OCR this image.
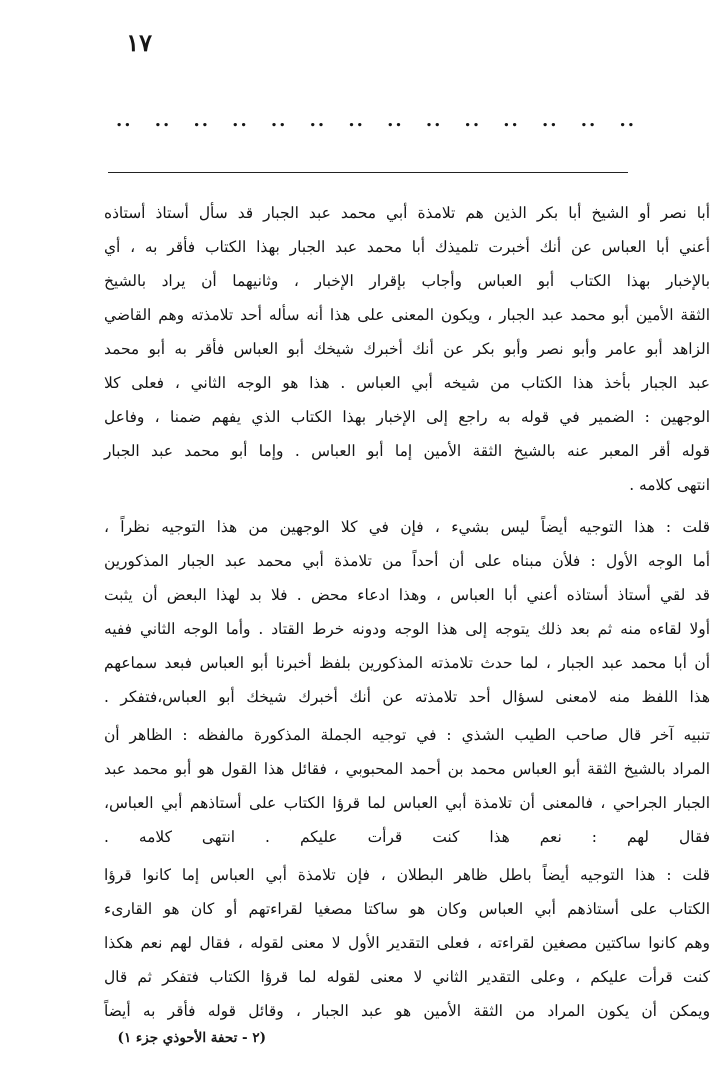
١٧
.. .. .. .. .. .. .. .. .. .. .. .. .. ..
أبا نصر أو الشيخ أبا بكر الذين هم تلامذة أبي محمد عبد الجبار قد سأل أستاذ أستاذه
أعني أبا العباس عن أنك أخبرت تلميذك أبا محمد عبد الجبار بهذا الكتاب فأقر به ، أي
بالإخبار بهذا الكتاب أبو العباس وأجاب بإقرار الإخبار ، وثانيهما أن يراد بالشيخ
الثقة الأمين أبو محمد عبد الجبار ، ويكون المعنى على هذا أنه سأله أحد تلامذته وهم القاضي
الزاهد أبو عامر وأبو نصر وأبو بكر عن أنك أخبرك شيخك أبو العباس فأقر به أبو محمد
عبد الجبار بأخذ هذا الكتاب من شيخه أبي العباس . هذا هو الوجه الثاني ، فعلى كلا
الوجهين : الضمير في قوله به راجع إلى الإخبار بهذا الكتاب الذي يفهم ضمنا ، وفاعل
قوله أقر المعبر عنه بالشيخ الثقة الأمين إما أبو العباس . وإما أبو محمد عبد الجبار
انتهى كلامه .
قلت : هذا التوجيه أيضاً ليس بشيء ، فإن في كلا الوجهين من هذا التوجيه نظراً ،
أما الوجه الأول : فلأن مبناه على أن أحداً من تلامذة أبي محمد عبد الجبار المذكورين
قد لقي أستاذ أستاذه أعني أبا العباس ، وهذا ادعاء محض . فلا بد لهذا البعض أن يثبت
أولا لقاءه منه ثم بعد ذلك يتوجه إلى هذا الوجه ودونه خرط القتاد . وأما الوجه الثاني ففيه
أن أبا محمد عبد الجبار ، لما حدث تلامذته المذكورين بلفظ أخبرنا أبو العباس فبعد سماعهم
هذا اللفظ منه لامعنى لسؤال أحد تلامذته عن أنك أخبرك شيخك أبو العباس،فتفكر .
تنبيه آخر قال صاحب الطيب الشذي : في توجيه الجملة المذكورة مالفظه : الظاهر أن
المراد بالشيخ الثقة أبو العباس محمد بن أحمد المحبوبي ، فقائل هذا القول هو أبو محمد عبد
الجبار الجراحي ، فالمعنى أن تلامذة أبي العباس لما قرؤا الكتاب على أستاذهم أبي العباس،
فقال لهم : نعم هذا كنت قرأت عليكم . انتهى كلامه .
قلت : هذا التوجيه أيضاً باطل ظاهر البطلان ، فإن تلامذة أبي العباس إما كانوا قرؤا
الكتاب على أستاذهم أبي العباس وكان هو ساكتا مصغيا لقراءتهم أو كان هو القارىء
وهم كانوا ساكتين مصغين لقراءته ، فعلى التقدير الأول لا معنى لقوله ، فقال لهم نعم هكذا
كنت قرأت عليكم ، وعلى التقدير الثاني لا معنى لقوله لما قرؤا الكتاب فتفكر ثم قال
ويمكن أن يكون المراد من الثقة الأمين هو عبد الجبار ، وقائل قوله فأقر به أيضاً
(٢ - تحفة الأحوذي جزء ١)
